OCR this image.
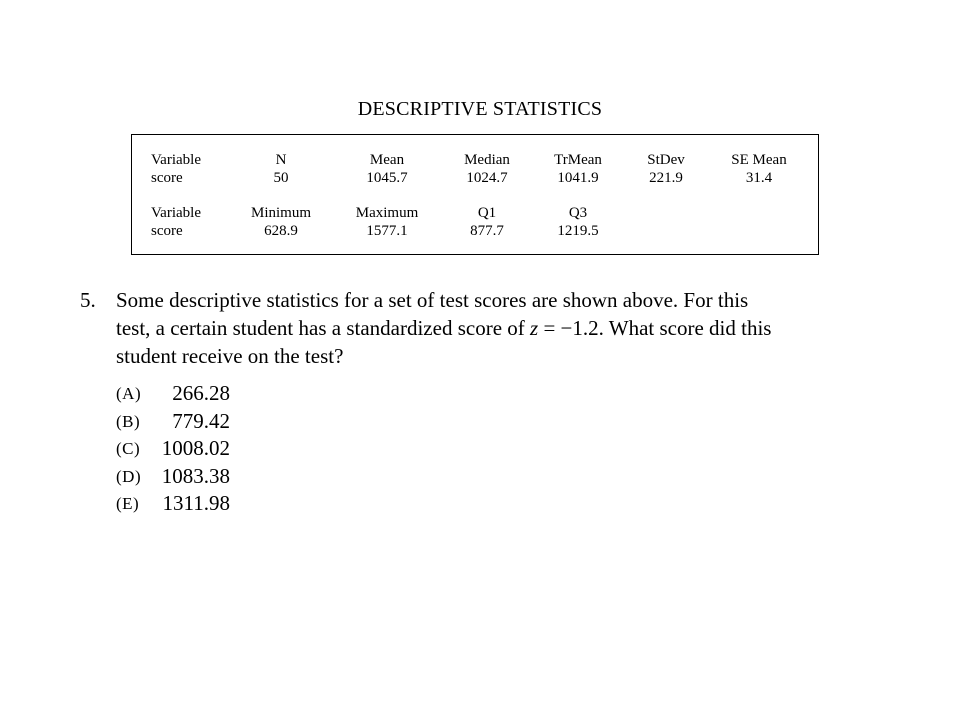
DESCRIPTIVE STATISTICS
Variable	N	Mean	Median	TrMean	StDev	SE Mean
score	50	1045.7	1024.7	1041.9	221.9	31.4
Variable	Minimum	Maximum	Q1	Q3
score	628.9	1577.1	877.7	1219.5
5. Some descriptive statistics for a set of test scores are shown above. For this
test, a certain student has a standardized score of z = −1.2. What score did this
student receive on the test?
(A)	266.28
(B)	779.42
(C) 1008.02
(D) 1083.38
(E) 1311.98
